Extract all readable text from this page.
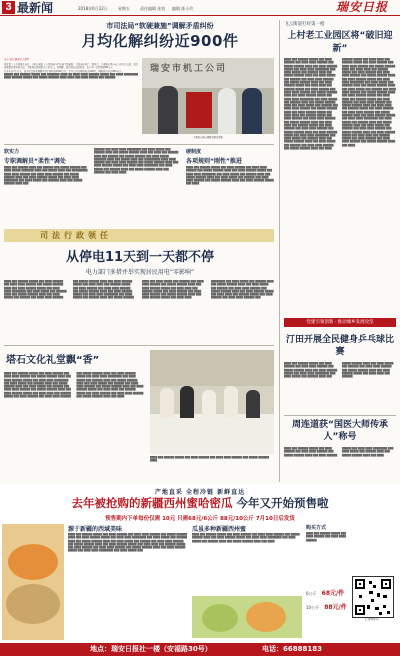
3 最新闻	2018年6月22日	星期五	责任编辑 张怡 编辑 陈小玲	瑞安日报
市司法局“软硬兼施”调解矛盾纠纷
月均化解纠纷近900件
记者 潘伟 通讯员 余建华

湖北籍工人李某某于前日，在我市某机工公司机修车间水磨下洗漱时，突发疾病身亡。事发后，李某某家属与该公司多次交涉，双方就赔偿问题各执己见，李某某家属聚集于公司门口，经调解，最终双方达成协议，由公司一次性赔偿68万元。

从本年前7个月来，我市司法局共调解各类矛盾纠纷6300余件，平均每月化解纠纷近900件，调解成功率达98%以上。

█████ ███ ██████ █████ ███ ███████ ████ ██ ████ ████ ██████ █████ ███ ████ ████████ ████ ██████ █████ ███ █████ ██████ ████ ████ ███ ████ █████ ███ ██████

瑞安市机工公司
李某某家属向调解员赠送锦旗
软实力
专职调解员“柔性”调处
████ ███ ██████ ████ ███ ██████ ███ █████ ██████ ███ ████ █████ ███████ ████ ███ █████ ████ ███ █████████ ████ ████ ██████ ███ ████ ████ ██████ ███ █████ ██████ ████ ███ ████ ██████ █████ ███ ████ ████ ████████ ███ ████ █████ ███ ██████ ████ ███ █████ ██████ ████ ███
██████ ███ ████ ████ ████████ ███ ████ █████ ███ ██████ ████ ███ █████ ██████ ████ ███ ████ ███ ██████ ████ ███ ██████ ███ █████ ██████ ███ ████ █████ ███████ ████ ███ █████ ████ ███ █████████ ████ ████ ██████ ███ ████ ████ ██████ ███ █████ ██████ ████ ███ ████ ██████ █████ ███ ████ ████ ████████ ███ ████ █████ ███ ██████ ████ ███ █████ ██████ ████ ███ ██████ ███ ████ ████
硬制度
各项规则“刚性”推进
████ ███ ██████ █████ ███ ████ ██████ ███ ████ ████ ██████ ███ █████ ██████ ████ ███ ████ ██████ █████ ███ ████ ████ ████████ ███ ████ █████ ███ ██████ ████ ███ █████ ██████ ████ ███ ████ █████ ███ ██████ ███ ████ ████ ██████ ███ █████ ██████ ████ ███ ████ ██████ █████ ███ ████
司法行政领任
从停电11天到一天都不停
电力部门多措并举实现居民用电“零影响”
████ ███ ██████ █████ ███ ████ ██████ ███ ████ ████ ██████ ███ █████ ██████ ████ ███ ████ ██████ █████ ███ ████ ████ ████████ ███ ████ █████ ███ ██████ ████ ███ █████ ██████ ████ ███ ████ █████ ███ ██████ ███ ████ ████ ██████ ███ █████ ██████ ████ ███ ████ ██████ █████ ███ ████ ████ ███ ██████ █████ ███ ████ ██████ ███ ████ ████ ██████ ███ █████ ██████ ████ ███ ████ ██████ █████ ███ ████ ████ ████████ ███ ████ █████ ███ ██████ ████ ███ █████ ██████ ████ ███ ████ █████ ███ ██████ ███ ████ ████ ██████ ███ █████ ██████ ████ ███ ████ ██████ █████ ███ ████ ████ ███ ██████ █████ ███ ████ ██████ ███ ████ ████ ██████ ███ █████ ██████ ████ ███ ████ ██████ █████ ███ ████ ████ ████████ ███ ████ █████ ███ ██████ ████ ███ █████ ██████ ████ ███ ████ █████ ███ ██████ ███ ████ ████ ██████ ███ █████ ██████ ████ ███ ████ ██████ █████ ███ ████ ████ ███ ██████ █████ ███ ████ ██████ ███ ████ ████ ██████ ███
塔石文化礼堂飘“香”
████ ███ ██████ █████ ███ ████ ██████ ███ ████ ████ ██████ ███ █████ ██████ ████ ███ ████ ██████ █████ ███ ████ ████ ████████ ███ ████ █████ ███ ██████ ████ ███ █████ ██████ ████ ███ ████ █████ ███ ██████ ███ ████ ████ ██████ ███ █████ ██████ ████ ███ ████ ██████ █████ ███ ████ ████ ███ ██████ █████ ███ ████ ██████ ███ ████ ████ ██████ ███ █████ ██████ ████ ███ ████ ██████ █████ ███ ████ ████ ████████ ███ ████ █████ ███ ██████ ████ ███ █████ ██████ ████ ███ ████ █████ ███ ██████ ███ ████ ████ ██████ ███ █████ ██████ ████ ███ ████ ██████ █████ ███ ████ ████ ███ ██████ █████ ███ ████ ██████ ███ ████ ████ ██████ ███ █████ ██████ ████ ███ ████
████ ███ ██████ █████ ███ ████ ██████ ███ ████ ████ ██████ ███ █████ ██████ ████
飞云街道打好第一枪
上村老工业园区将“破旧迎新”
████ ███ ██████ █████ ███ ████ ██████ ███ ████ ████ ██████ ███ █████ ██████ ████ ███ ████ ██████ █████ ███ ████ ████ ████████ ███ ████ █████ ███ ██████ ████ ███ █████ ██████ ████ ███ ████ █████ ███ ██████ ███ ████ ████ ██████ ███ █████ ██████ ████ ███ ████ ██████ █████ ███ ████ ████ ███ ██████ █████ ███ ████ ██████ ███ ████ ████ ██████ ███ █████ ██████ ████ ███ ████ ██████ █████ ███ ████ ████ ████████ ███ ████ █████ ███ ██████ ████ ███ █████ ██████ ████ ███ ████ █████ ███ ██████ ███ ████ ████ ██████ ███ █████ ██████ ████ ███ ████ ██████ █████ ███ ████ ████ ███ ██████ █████ ███ ████ ██████ ███ ████ ████ ██████ ███ █████ ██████ ████ ███ ████ ████ ███ ██████ █████ ███ ████ ██████ ███ ████ ████ ██████ ███ █████ ██████ ████ ███ ████ ██████ █████ ███ ████ ████ ████████ ███ ████ █████ ███ ██████ ████ ███ █████ ██████ ████ ███ ████ █████ ███ ██████ ███ ████ ████ ██████ ███ █████ ██████ ████ ███ ████ ██████ █████ ███ ████ ████ ███ ██████ █████ ███ ████ ██████ ███ ████ ████ ██████ ███ █████ ██████ ████ ███ ████ ████ ███ ██████ █████ ███ ████ ██████ ███ ████ ████ ██████ ███ █████ ██████ ████ ███ ████ ██████ █████ ███ ████ ████ ████████ ███ ████ █████ ███ ██████ ████ ███ █████ ██████ ████ ███ ████ █████ ███ ██████ ███ ████ ████ ██████ ███ █████ ██████ ████ ███ ████ ██████ █████ ███ ████ ████ ███ ██████ █████ ███ ████ ██████ ███ ████ ████ ██████ ███ █████ ██████ ████ ███ ████ ████ ███ ██████ █████ ███ ████ ██████ ███ ████ ████ ██████ ███ █████ ██████ ████ ███ ████ ██████ █████ ███ ████ ████ ████████ ███ ████ █████ ███ ██████ ████ ███ █████ ██████ ████ ███ ████ █████ ███ ██████ ███ ████ ████ ██████ ███ █████ ██████ ████ ███ ████ ██████ █████ ███ ████ ████ ███ ██████ █████ ███ ████ ██████ ███ ████ ████ ██████ ███ █████ ██████ ████ ███ ████
党建引领创新 · 推动城乡发展攻坚
汀田开展全民健身乒乓球比赛
████ ███ ██████ █████ ███ ████ ██████ ███ ████ ████ ██████ ███ █████ ██████ ████ ███ ████ ██████ █████ ███ ████ ████ ████████ ███ ████ █████ ███ ██████ ████ ███ █████ ██████ ████ ███ ████ █████ ███ ██████ ███ ████ ████ ██████ ███ █████ ██████ ████ ███ ████ ██████ █████ ███ ████ ████ ███ ██████
周连道获“国医大师传承人”称号
████ ███ ██████ █████ ███ ████ ██████ ███ ████ ████ ██████ ███ █████ ██████ ████ ███ ████ ██████ █████ ███ ████ ████ ████████ ███ ████ █████ ███ ██████ ████ ███ █████ ██████ ████ ███ ████
产地直采 全程冷链 新鲜直达
去年被抢购的新疆西州蜜哈密瓜 今年又开始预售啦
预售期内下单每份仅需 10元 只需68元/6公斤 88元/10公斤 7月10日后发货
源于新疆的西域美味
████ ███ ██████ █████ ███ ████ ██████ ███ ████ ████ ██████ ███ █████ ██████ ████ ███ ████ ██████ █████ ███ ████ ████ ████████ ███ ████ █████ ███ ██████ ████ ███ █████ ██████ ████ ███ ████ █████ ███ ██████ ███ ████ ████ ██████ ███ █████ ██████ ████ ███ ████ ██████ █████ ███ ████ ████ ███ ██████ █████ ███ ████ ██████ ███ ████ ████ ██████ ███ █████ ██████ ████ ███ ████ ██████ █████ ███ ████ ████ ████████ ███ ████ █████ ███
瓜虽多种新疆西州蜜
████ ███ ██████ █████ ███ ████ ██████ ███ ████ ████ ██████ ███ █████ ██████ ████ ███ ████ ██████ █████ ███ ████ ████ ████████ ███ ████ █████ ███ ██████ ████ ███ █████ ██████ ████ ███ ████
购买方式
████ ███ ██████ █████ ███ ████ ██████ ███ ████ ████ ██████
6公斤 68元/件
10公斤 88元/件
扫码购买
地点：瑞安日报社一楼（安福路30号）	电话：66888183
